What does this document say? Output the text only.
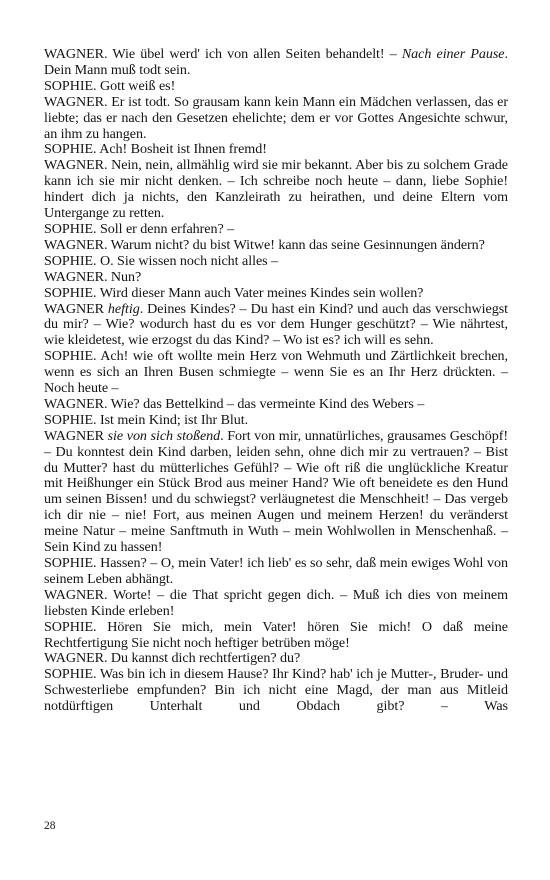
WAGNER. Wie übel werd' ich von allen Seiten behandelt! – Nach einer Pause. Dein Mann muß todt sein.

SOPHIE. Gott weiß es!

WAGNER. Er ist todt. So grausam kann kein Mann ein Mädchen verlassen, das er liebte; das er nach den Gesetzen ehelichte; dem er vor Gottes Angesichte schwur, an ihm zu hangen.

SOPHIE. Ach! Bosheit ist Ihnen fremd!

WAGNER. Nein, nein, allmählig wird sie mir bekannt. Aber bis zu solchem Grade kann ich sie mir nicht denken. – Ich schreibe noch heute – dann, liebe Sophie! hindert dich ja nichts, den Kanzleirath zu heirathen, und deine Eltern vom Untergange zu retten.

SOPHIE. Soll er denn erfahren? –

WAGNER. Warum nicht? du bist Witwe! kann das seine Gesinnungen ändern?

SOPHIE. O. Sie wissen noch nicht alles –

WAGNER. Nun?

SOPHIE. Wird dieser Mann auch Vater meines Kindes sein wollen?

WAGNER heftig. Deines Kindes? – Du hast ein Kind? und auch das verschwiegst du mir? – Wie? wodurch hast du es vor dem Hunger geschützt? – Wie nährtest, wie kleidetest, wie erzogst du das Kind? – Wo ist es? ich will es sehn.

SOPHIE. Ach! wie oft wollte mein Herz von Wehmuth und Zärtlichkeit brechen, wenn es sich an Ihren Busen schmiegte – wenn Sie es an Ihr Herz drückten. – Noch heute –

WAGNER. Wie? das Bettelkind – das vermeinte Kind des Webers –

SOPHIE. Ist mein Kind; ist Ihr Blut.

WAGNER sie von sich stoßend. Fort von mir, unnatürliches, grausames Geschöpf! – Du konntest dein Kind darben, leiden sehn, ohne dich mir zu vertrauen? – Bist du Mutter? hast du mütterliches Gefühl? – Wie oft riß die unglückliche Kreatur mit Heißhunger ein Stück Brod aus meiner Hand? Wie oft beneidete es den Hund um seinen Bissen! und du schwiegst? verläugnetest die Menschheit! – Das vergeb ich dir nie – nie! Fort, aus meinen Augen und meinem Herzen! du veränderst meine Natur – meine Sanftmuth in Wuth – mein Wohlwollen in Menschenhaß. – Sein Kind zu hassen!

SOPHIE. Hassen? – O, mein Vater! ich lieb' es so sehr, daß mein ewiges Wohl von seinem Leben abhängt.

WAGNER. Worte! – die That spricht gegen dich. – Muß ich dies von meinem liebsten Kinde erleben!

SOPHIE. Hören Sie mich, mein Vater! hören Sie mich! O daß meine Rechtfertigung Sie nicht noch heftiger betrüben möge!

WAGNER. Du kannst dich rechtfertigen? du?

SOPHIE. Was bin ich in diesem Hause? Ihr Kind? hab' ich je Mutter-, Bruder- und Schwesterliebe empfunden? Bin ich nicht eine Magd, der man aus Mitleid notdürftigen Unterhalt und Obdach gibt? – Was

28
